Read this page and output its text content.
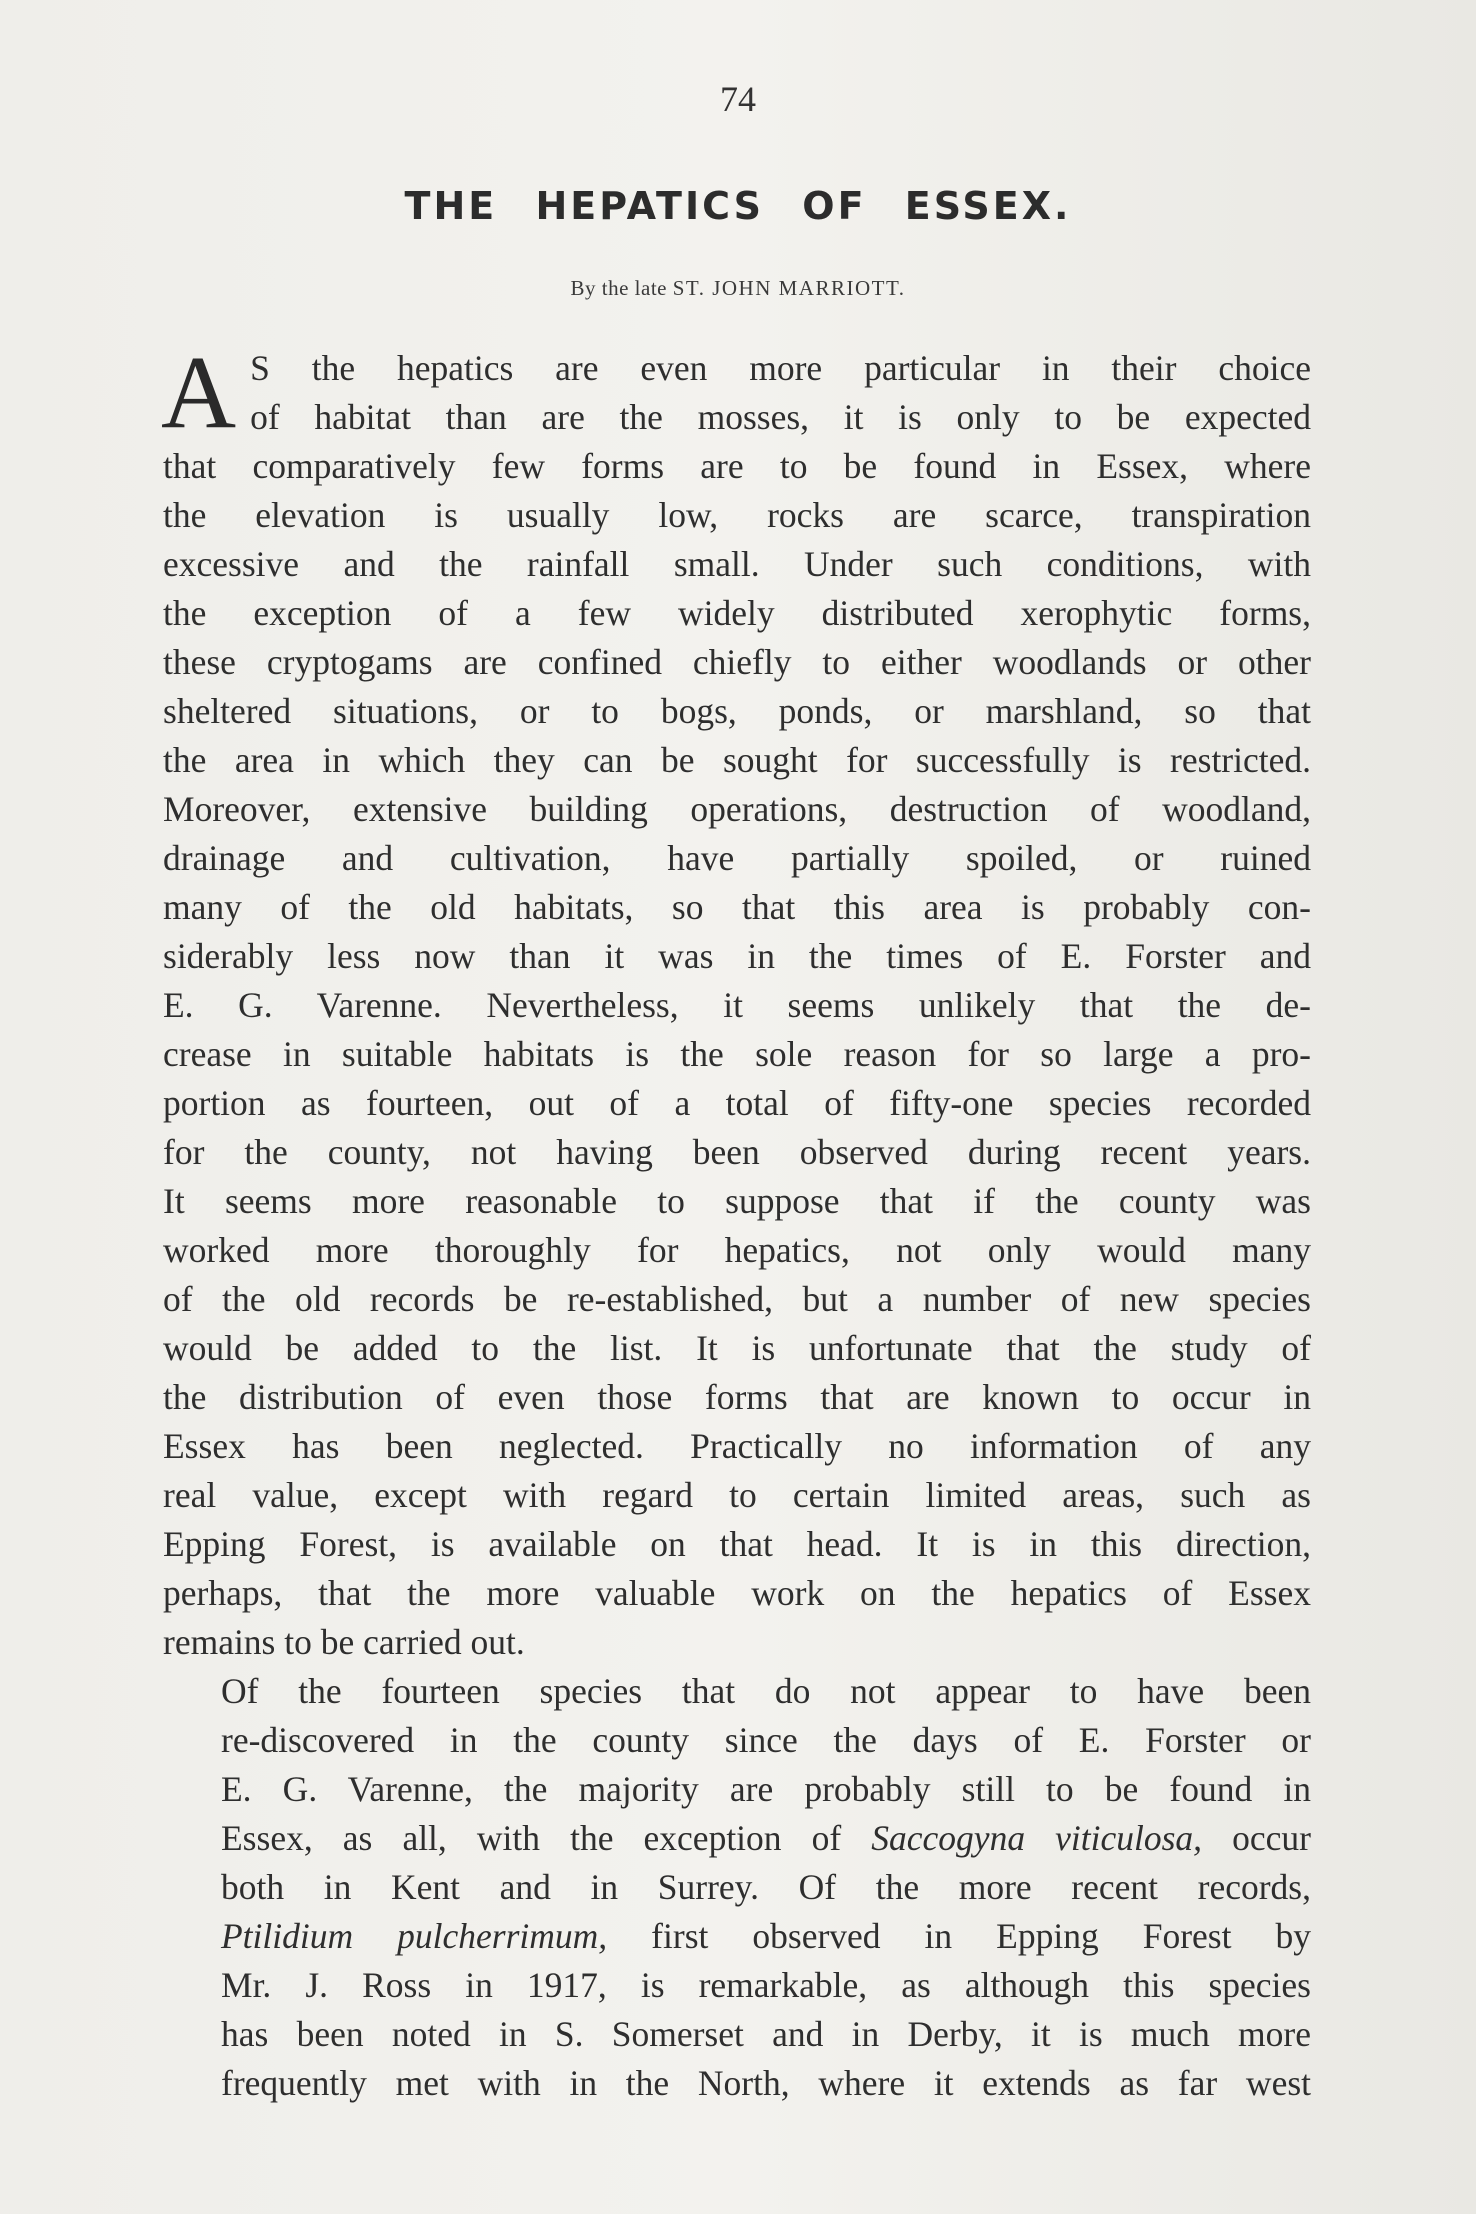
74
THE HEPATICS OF ESSEX.
By the late ST. JOHN MARRIOTT.

A S the hepatics are even more particular in their choice
of habitat than are the mosses, it is only to be expected
that comparatively few forms are to be found in Essex, where
the elevation is usually low, rocks are scarce, transpiration
excessive and the rainfall small. Under such conditions, with
the exception of a few widely distributed xerophytic forms,
these cryptogams are confined chiefly to either woodlands or other
sheltered situations, or to bogs, ponds, or marshland, so that
the area in which they can be sought for successfully is restricted.
Moreover, extensive building operations, destruction of woodland,
drainage and cultivation, have partially spoiled, or ruined
many of the old habitats, so that this area is probably con-
siderably less now than it was in the times of E. Forster and
E. G. Varenne. Nevertheless, it seems unlikely that the de-
crease in suitable habitats is the sole reason for so large a pro-
portion as fourteen, out of a total of fifty-one species recorded
for the county, not having been observed during recent years.
It seems more reasonable to suppose that if the county was
worked more thoroughly for hepatics, not only would many
of the old records be re-established, but a number of new species
would be added to the list. It is unfortunate that the study of
the distribution of even those forms that are known to occur in
Essex has been neglected. Practically no information of any
real value, except with regard to certain limited areas, such as
Epping Forest, is available on that head. It is in this direction,
perhaps, that the more valuable work on the hepatics of Essex
remains to be carried out.

Of the fourteen species that do not appear to have been
re-discovered in the county since the days of E. Forster or
E. G. Varenne, the majority are probably still to be found in
Essex, as all, with the exception of Saccogyna viticulosa, occur
both in Kent and in Surrey. Of the more recent records,
Ptilidium pulcherrimum, first observed in Epping Forest by
Mr. J. Ross in 1917, is remarkable, as although this species
has been noted in S. Somerset and in Derby, it is much more
frequently met with in the North, where it extends as far west
